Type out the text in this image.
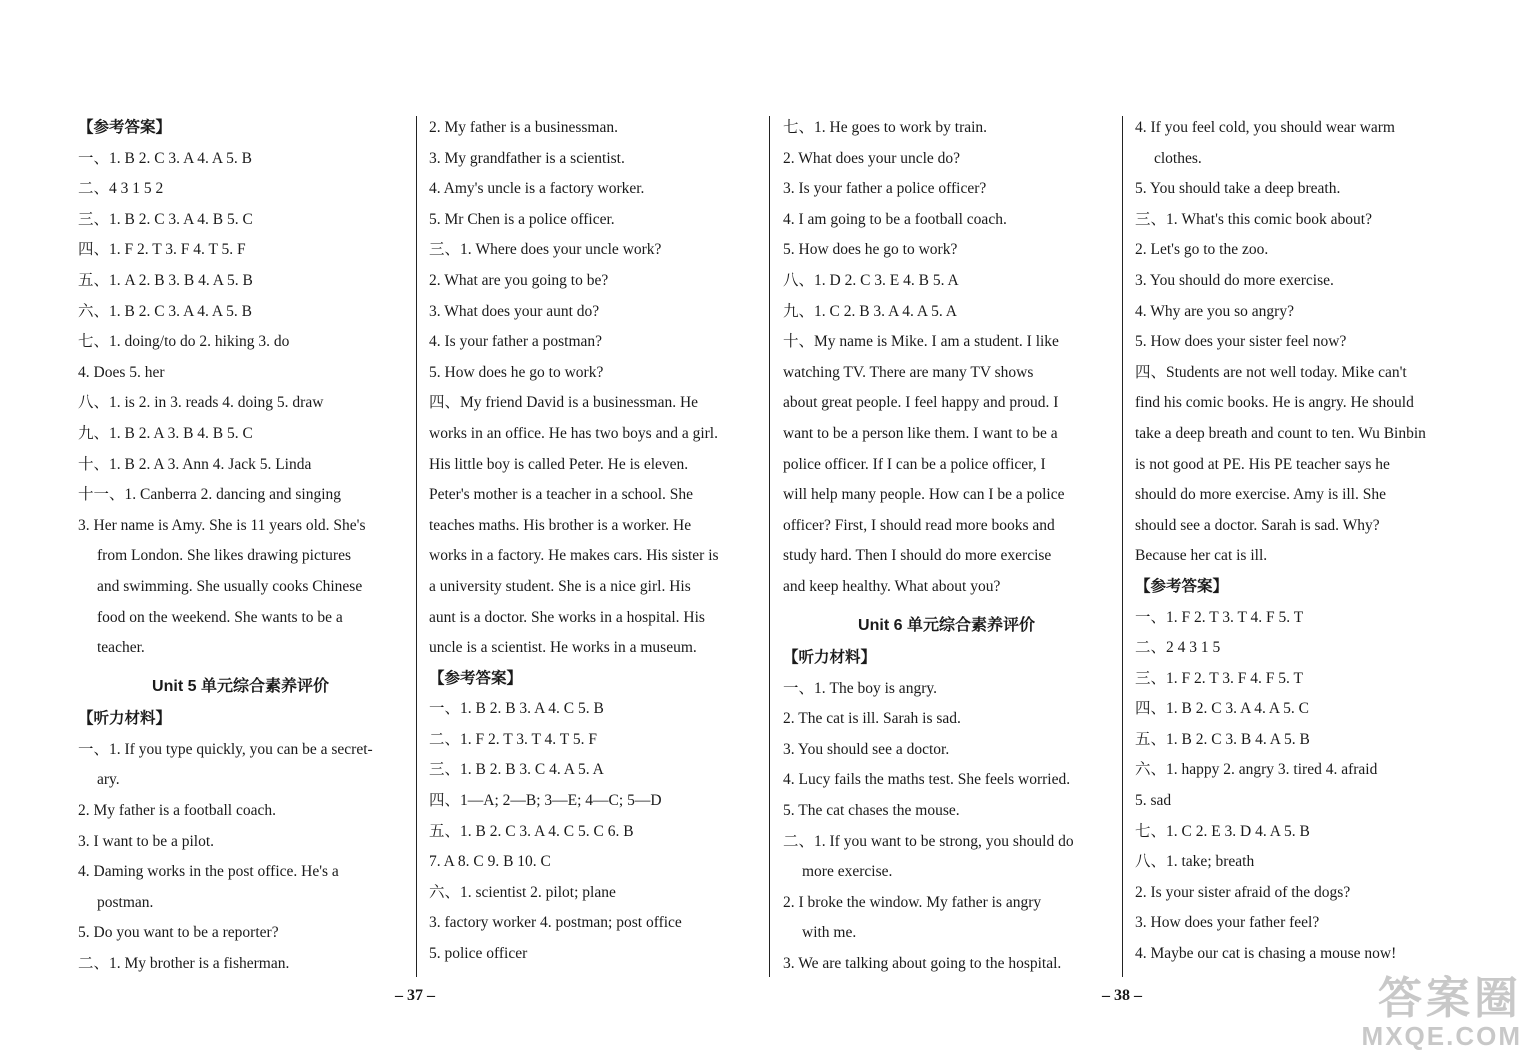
【参考答案】
一、1. B 2. C 3. A 4. A 5. B
二、4 3 1 5 2
三、1. B 2. C 3. A 4. B 5. C
四、1. F 2. T 3. F 4. T 5. F
五、1. A 2. B 3. B 4. A 5. B
六、1. B 2. C 3. A 4. A 5. B
七、1. doing/to do 2. hiking 3. do
4. Does 5. her
八、1. is 2. in 3. reads 4. doing 5. draw
九、1. B 2. A 3. B 4. B 5. C
十、1. B 2. A 3. Ann 4. Jack 5. Linda
十一、1. Canberra 2. dancing and singing
3. Her name is Amy. She is 11 years old. She's
from London. She likes drawing pictures
and swimming. She usually cooks Chinese
food on the weekend. She wants to be a
teacher.
Unit 5 单元综合素养评价
【听力材料】
一、1. If you type quickly, you can be a secret-
ary.
2. My father is a football coach.
3. I want to be a pilot.
4. Daming works in the post office. He's a
postman.
5. Do you want to be a reporter?
二、1. My brother is a fisherman.
2. My father is a businessman.
3. My grandfather is a scientist.
4. Amy's uncle is a factory worker.
5. Mr Chen is a police officer.
三、1. Where does your uncle work?
2. What are you going to be?
3. What does your aunt do?
4. Is your father a postman?
5. How does he go to work?
四、My friend David is a businessman. He
works in an office. He has two boys and a girl.
His little boy is called Peter. He is eleven.
Peter's mother is a teacher in a school. She
teaches maths. His brother is a worker. He
works in a factory. He makes cars. His sister is
a university student. She is a nice girl. His
aunt is a doctor. She works in a hospital. His
uncle is a scientist. He works in a museum.
【参考答案】
一、1. B 2. B 3. A 4. C 5. B
二、1. F 2. T 3. T 4. T 5. F
三、1. B 2. B 3. C 4. A 5. A
四、1—A; 2—B; 3—E; 4—C; 5—D
五、1. B 2. C 3. A 4. C 5. C 6. B
7. A 8. C 9. B 10. C
六、1. scientist 2. pilot; plane
3. factory worker 4. postman; post office
5. police officer
七、1. He goes to work by train.
2. What does your uncle do?
3. Is your father a police officer?
4. I am going to be a football coach.
5. How does he go to work?
八、1. D 2. C 3. E 4. B 5. A
九、1. C 2. B 3. A 4. A 5. A
十、My name is Mike. I am a student. I like
watching TV. There are many TV shows
about great people. I feel happy and proud. I
want to be a person like them. I want to be a
police officer. If I can be a police officer, I
will help many people. How can I be a police
officer? First, I should read more books and
study hard. Then I should do more exercise
and keep healthy. What about you?
Unit 6 单元综合素养评价
【听力材料】
一、1. The boy is angry.
2. The cat is ill. Sarah is sad.
3. You should see a doctor.
4. Lucy fails the maths test. She feels worried.
5. The cat chases the mouse.
二、1. If you want to be strong, you should do
more exercise.
2. I broke the window. My father is angry
with me.
3. We are talking about going to the hospital.
4. If you feel cold, you should wear warm
clothes.
5. You should take a deep breath.
三、1. What's this comic book about?
2. Let's go to the zoo.
3. You should do more exercise.
4. Why are you so angry?
5. How does your sister feel now?
四、Students are not well today. Mike can't
find his comic books. He is angry. He should
take a deep breath and count to ten. Wu Binbin
is not good at PE. His PE teacher says he
should do more exercise. Amy is ill. She
should see a doctor. Sarah is sad. Why?
Because her cat is ill.
【参考答案】
一、1. F 2. T 3. T 4. F 5. T
二、2 4 3 1 5
三、1. F 2. T 3. F 4. F 5. T
四、1. B 2. C 3. A 4. A 5. C
五、1. B 2. C 3. B 4. A 5. B
六、1. happy 2. angry 3. tired 4. afraid
5. sad
七、1. C 2. E 3. D 4. A 5. B
八、1. take; breath
2. Is your sister afraid of the dogs?
3. How does your father feel?
4. Maybe our cat is chasing a mouse now!
– 37 –	– 38 –	答案圈
MXQE.COM
